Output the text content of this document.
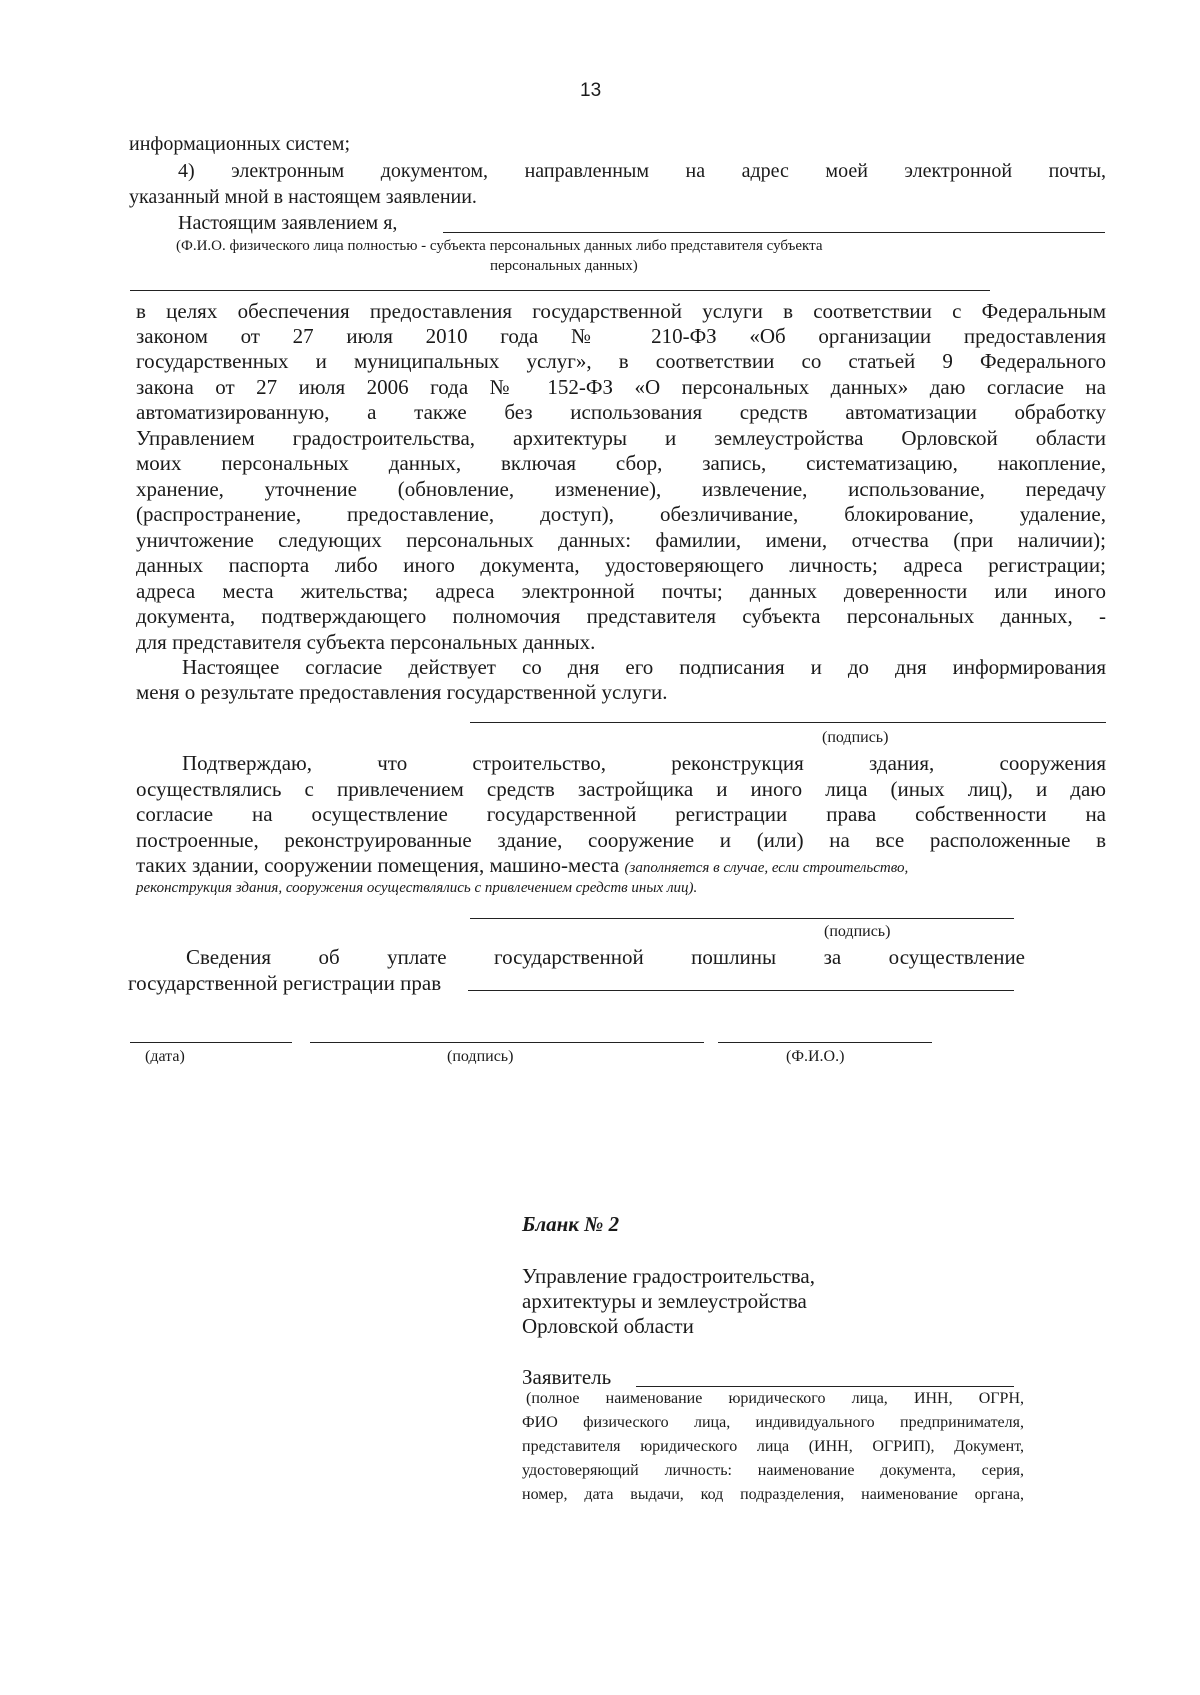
13
информационных систем;
4) электронным документом, направленным на адрес моей электронной почты,
указанный мной в настоящем заявлении.
Настоящим заявлением я,
(Ф.И.О. физического лица полностью - субъекта персональных данных либо представителя субъекта
персональных данных)
в целях обеспечения предоставления государственной услуги в соответствии с Федеральным
законом от 27 июля 2010 года № 210-ФЗ «Об организации предоставления
государственных и муниципальных услуг», в соответствии со статьей 9 Федерального
закона от 27 июля 2006 года № 152-ФЗ «О персональных данных» даю согласие на
автоматизированную, а также без использования средств автоматизации обработку
Управлением градостроительства, архитектуры и землеустройства Орловской области
моих персональных данных, включая сбор, запись, систематизацию, накопление,
хранение, уточнение (обновление, изменение), извлечение, использование, передачу
(распространение, предоставление, доступ), обезличивание, блокирование, удаление,
уничтожение следующих персональных данных: фамилии, имени, отчества (при наличии);
данных паспорта либо иного документа, удостоверяющего личность; адреса регистрации;
адреса места жительства; адреса электронной почты; данных доверенности или иного
документа, подтверждающего полномочия представителя субъекта персональных данных, -
для представителя субъекта персональных данных.
Настоящее согласие действует со дня его подписания и до дня информирования
меня о результате предоставления государственной услуги.
(подпись)
Подтверждаю, что строительство, реконструкция здания, сооружения
осуществлялись с привлечением средств застройщика и иного лица (иных лиц), и даю
согласие на осуществление государственной регистрации права собственности на
построенные, реконструированные здание, сооружение и (или) на все расположенные в
таких здании, сооружении помещения, машино-места (заполняется в случае, если строительство,
реконструкция здания, сооружения осуществлялись с привлечением средств иных лиц).
(подпись)
Сведения об уплате государственной пошлины за осуществление
государственной регистрации прав
(дата)	(подпись)	(Ф.И.О.)
Бланк № 2
Управление градостроительства,
архитектуры и землеустройства
Орловской области
Заявитель
(полное наименование юридического лица, ИНН, ОГРН,
ФИО физического лица, индивидуального предпринимателя,
представителя юридического лица (ИНН, ОГРИП), Документ,
удостоверяющий личность: наименование документа, серия,
номер, дата выдачи, код подразделения, наименование органа,
